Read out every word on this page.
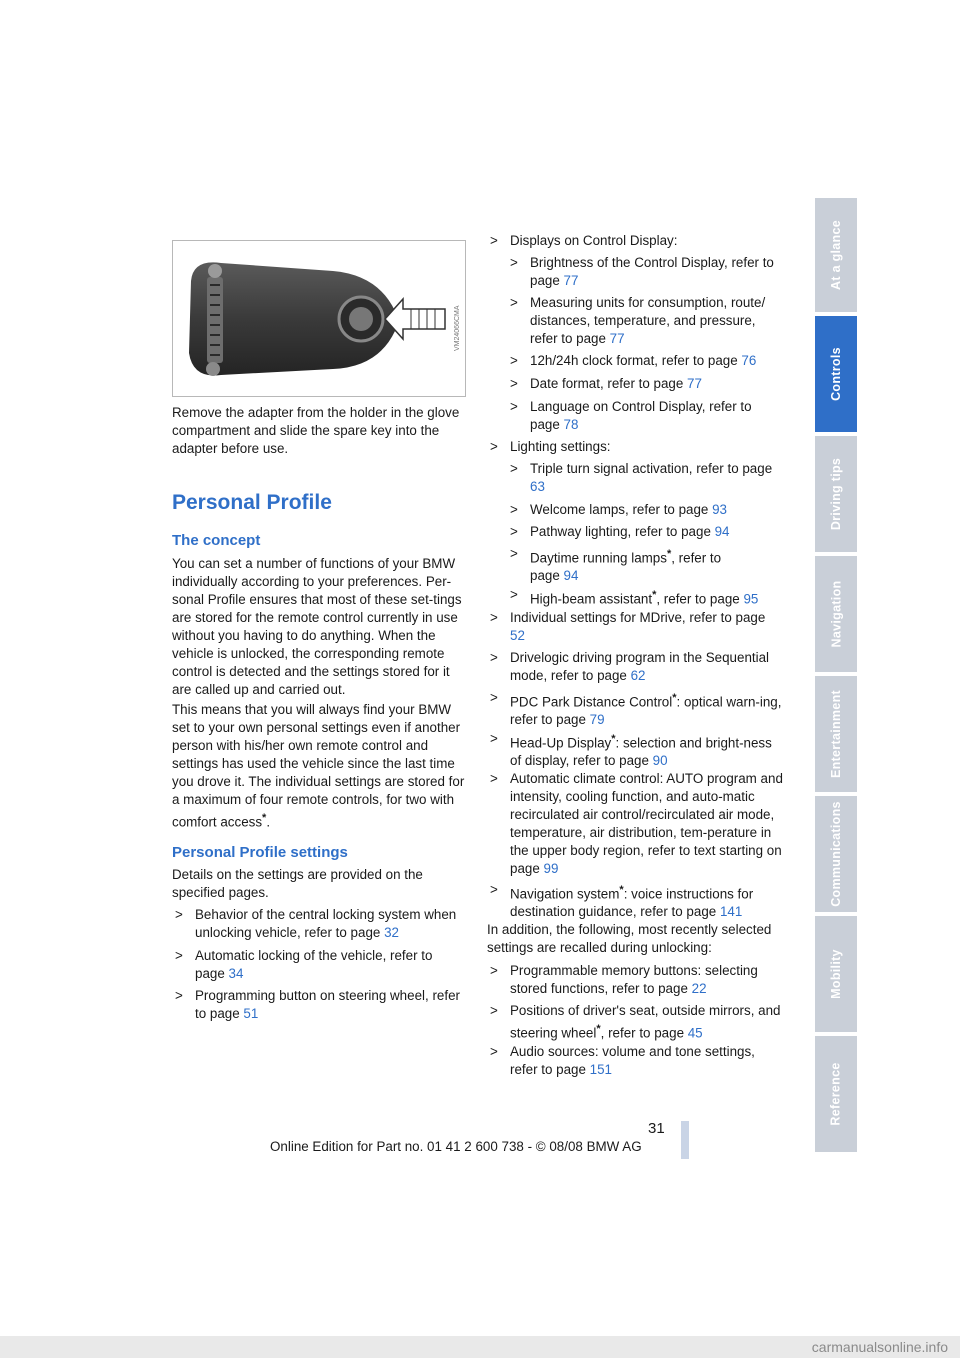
VM24066CMA

Remove the adapter from the holder in the glove compartment and slide the spare key into the adapter before use.

Personal Profile
The concept

You can set a number of functions of your BMW individually according to your preferences. Per-sonal Profile ensures that most of these set-tings are stored for the remote control currently in use without you having to do anything. When the vehicle is unlocked, the corresponding remote control is detected and the settings stored for it are called up and carried out.

This means that you will always find your BMW set to your own personal settings even if another person with his/her own remote control and settings has used the vehicle since the last time you drove it. The individual settings are stored for a maximum of four remote controls, for two with comfort access*.

Personal Profile settings

Details on the settings are provided on the specified pages.

> Behavior of the central locking system when unlocking vehicle, refer to page 32
> Automatic locking of the vehicle, refer to page 34
> Programming button on steering wheel, refer to page 51
> Displays on Control Display:
> Brightness of the Control Display, refer to page 77
> Measuring units for consumption, route/ distances, temperature, and pressure, refer to page 77
> 12h/24h clock format, refer to page 76
> Date format, refer to page 77
> Language on Control Display, refer to page 78
> Lighting settings:
> Triple turn signal activation, refer to page 63
> Welcome lamps, refer to page 93
> Pathway lighting, refer to page 94
> Daytime running lamps*, refer to page 94
> High-beam assistant*, refer to page 95
> Individual settings for MDrive, refer to page 52
> Drivelogic driving program in the Sequential mode, refer to page 62
> PDC Park Distance Control*: optical warn-ing, refer to page 79
> Head-Up Display*: selection and bright-ness of display, refer to page 90
> Automatic climate control: AUTO program and intensity, cooling function, and auto-matic recirculated air control/recirculated air mode, temperature, air distribution, tem-perature in the upper body region, refer to text starting on page 99
> Navigation system*: voice instructions for destination guidance, refer to page 141

In addition, the following, most recently selected settings are recalled during unlocking:

> Programmable memory buttons: selecting stored functions, refer to page 22
> Positions of driver's seat, outside mirrors, and steering wheel*, refer to page 45
> Audio sources: volume and tone settings, refer to page 151
At a glance
Controls
Driving tips
Navigation
Entertainment
Communications
Mobility
Reference
31
Online Edition for Part no. 01 41 2 600 738 - © 08/08 BMW AG
carmanualsonline.info
